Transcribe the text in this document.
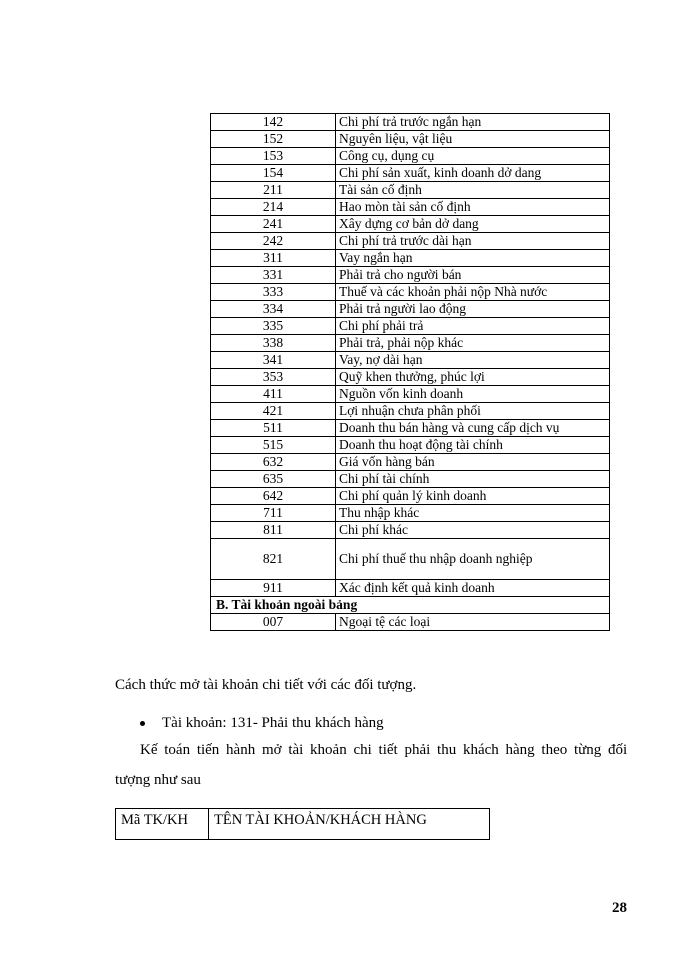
142	Chi phí trả trước ngắn hạn
152	Nguyên liệu, vật liệu
153	Công cụ, dụng cụ
154	Chi phí sản xuất, kinh doanh dở dang
211	Tài sản cố định
214	Hao mòn tài sản cố định
241	Xây dựng cơ bản dở dang
242	Chi phí trả trước dài hạn
311	Vay ngắn hạn
331	Phải trả cho người bán
333	Thuế và các khoản phải nộp Nhà nước
334	Phải trả người lao động
335	Chi phí phải trả
338	Phải trả, phải nộp khác
341	Vay, nợ dài hạn
353	Quỹ khen thưởng, phúc lợi
411	Nguồn vốn kinh doanh
421	Lợi nhuận chưa phân phối
511	Doanh thu bán hàng và cung cấp dịch vụ
515	Doanh thu hoạt động tài chính
632	Giá vốn hàng bán
635	Chi phí tài chính
642	Chi phí quản lý kinh doanh
711	Thu nhập khác
811	Chi phí khác
821	Chi phí thuế thu nhập doanh nghiệp
911	Xác định kết quả kinh doanh
B. Tài khoản ngoài bảng	
007	Ngoại tệ các loại
Cách thức mở tài khoản chi tiết với các đối tượng.
Tài khoản: 131- Phải thu khách hàng
Kế toán tiến hành mở tài khoản chi tiết phải thu khách hàng theo từng đối
tượng như sau
Mã TK/KH	TÊN TÀI KHOẢN/KHÁCH HÀNG
28
